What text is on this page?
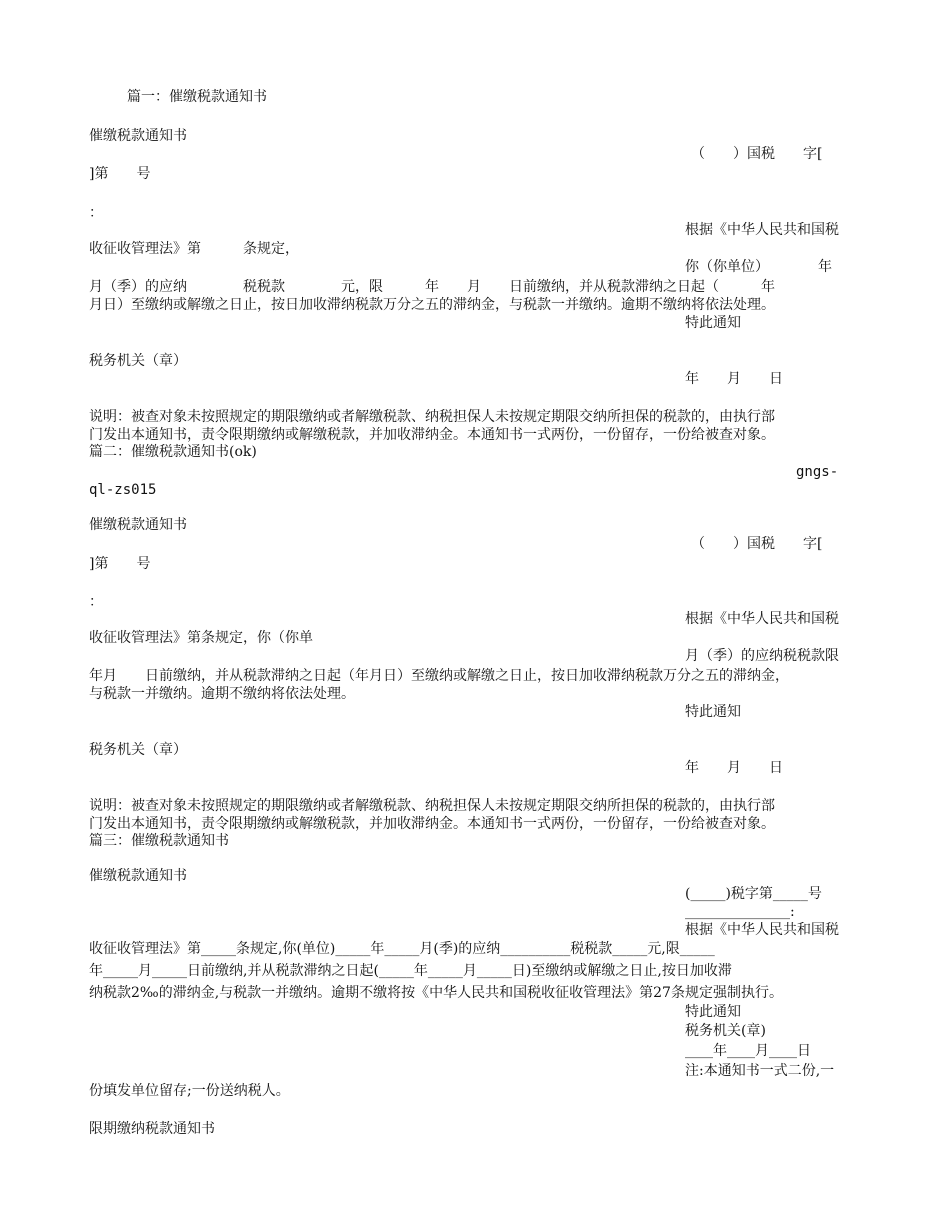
篇一：催缴税款通知书

催缴税款通知书

（　　）国税　　字[

]第　　号

：

根据《中华人民共和国税

收征收管理法》第　　　条规定，

你（你单位）　　　　年

月（季）的应纳　　　　税税款　　　　元，限　　　年　　月　　日前缴纳，并从税款滞纳之日起（　　　年

月日）至缴纳或解缴之日止，按日加收滞纳税款万分之五的滞纳金，与税款一并缴纳。逾期不缴纳将依法处理。

特此通知

税务机关（章）

年　　月　　日

说明：被查对象未按照规定的期限缴纳或者解缴税款、纳税担保人未按规定期限交纳所担保的税款的，由执行部

门发出本通知书，责令限期缴纳或解缴税款，并加收滞纳金。本通知书一式两份，一份留存，一份给被查对象。

篇二：催缴税款通知书(ok)

gngs-

ql-zs015

催缴税款通知书

（　　）国税　　字[

]第　　号

：

根据《中华人民共和国税

收征收管理法》第条规定，你（你单

月（季）的应纳税税款限

年月　　日前缴纳，并从税款滞纳之日起（年月日）至缴纳或解缴之日止，按日加收滞纳税款万分之五的滞纳金，

与税款一并缴纳。逾期不缴纳将依法处理。

特此通知

税务机关（章）

年　　月　　日

说明：被查对象未按照规定的期限缴纳或者解缴税款、纳税担保人未按规定期限交纳所担保的税款的，由执行部

门发出本通知书，责令限期缴纳或解缴税款，并加收滞纳金。本通知书一式两份，一份留存，一份给被查对象。

篇三：催缴税款通知书

催缴税款通知书

(_____)税字第_____号

_______________:

根据《中华人民共和国税

收征收管理法》第_____条规定,你(单位)_____年_____月(季)的应纳__________税税款_____元,限_____

年_____月_____日前缴纳,并从税款滞纳之日起(_____年_____月_____日)至缴纳或解缴之日止,按日加收滞

纳税款2‰的滞纳金,与税款一并缴纳。逾期不缴将按《中华人民共和国税收征收管理法》第27条规定强制执行。

特此通知

税务机关(章)

____年____月____日

注:本通知书一式二份,一

份填发单位留存;一份送纳税人。

限期缴纳税款通知书
